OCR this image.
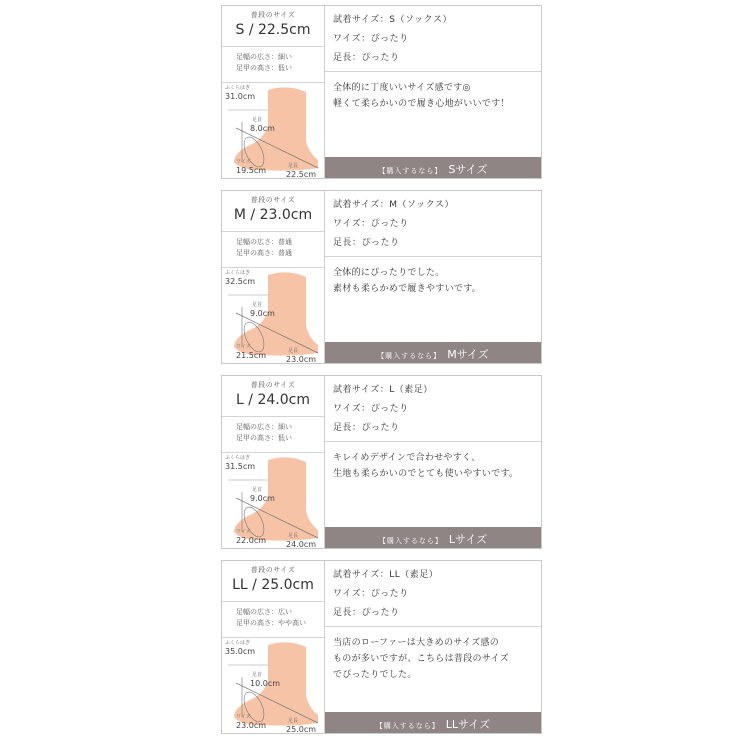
普段のサイズ
S / 22.5cm
足幅の広さ：細い
足甲の高さ：低い
ふくらはぎ
31.0cm
足首
8.0cm
ワイズ
19.5cm	足長
22.5cm
試着サイズ：S（ソックス）
ワイズ：ぴったり
足長：ぴったり
全体的に丁度いいサイズ感です◎
軽くて柔らかいので履き心地がいいです！
【購入するなら】 Sサイズ
普段のサイズ
M / 23.0cm
足幅の広さ：普通
足甲の高さ：普通
ふくらはぎ
32.5cm
足首
9.0cm
ワイズ
21.5cm	足長
23.0cm
試着サイズ：M（ソックス）
ワイズ：ぴったり
足長：ぴったり
全体的にぴったりでした。
素材も柔らかめで履きやすいです。
【購入するなら】 Mサイズ
普段のサイズ
L / 24.0cm
足幅の広さ：細い
足甲の高さ：低い
ふくらはぎ
31.5cm
足首
9.0cm
ワイズ
22.0cm	足長
24.0cm
試着サイズ：L（素足）
ワイズ：ぴったり
足長：ぴったり
キレイめデザインで合わせやすく、
生地も柔らかいのでとても使いやすいです。
【購入するなら】 Lサイズ
普段のサイズ
LL / 25.0cm
足幅の広さ：広い
足甲の高さ：やや高い
ふくらはぎ
35.0cm
足首
10.0cm
ワイズ
23.0cm	足長
25.0cm
試着サイズ：LL（素足）
ワイズ：ぴったり
足長：ぴったり
当店のローファーは大きめのサイズ感の
ものが多いですが、こちらは普段のサイズ
でぴったりでした。
【購入するなら】 LLサイズ
